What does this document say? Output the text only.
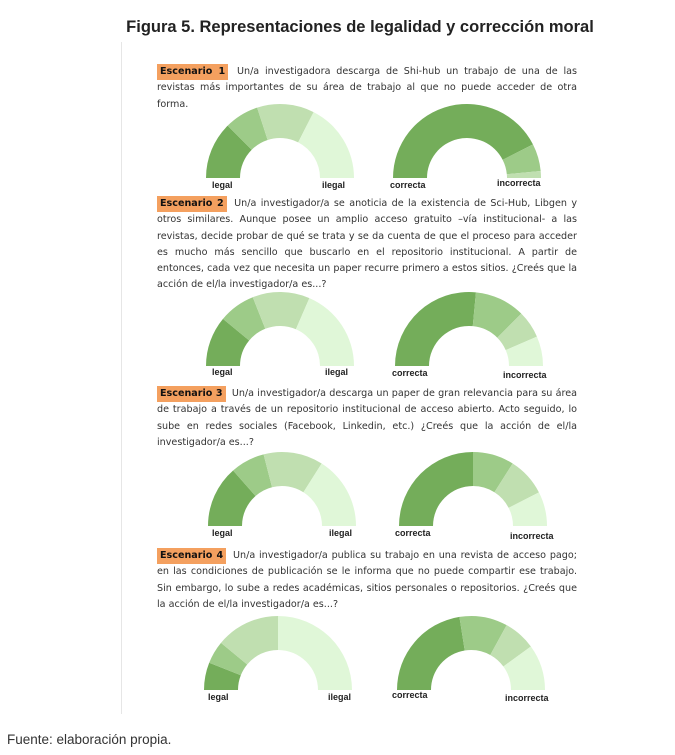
Figura 5. Representaciones de legalidad y corrección moral
Escenario 1 Un/a investigadora descarga de Shi-hub un trabajo de una de las revistas más importantes de su área de trabajo al que no puede acceder de otra forma.
legal	ilegal	correcta	incorrecta
Escenario 2 Un/a investigador/a se anoticia de la existencia de Sci-Hub, Libgen y otros similares. Aunque posee un amplio acceso gratuito –vía institucional- a las revistas, decide probar de qué se trata y se da cuenta de que el proceso para acceder es mucho más sencillo que buscarlo en el repositorio institucional. A partir de entonces, cada vez que necesita un paper recurre primero a estos sitios. ¿Creés que la acción de el/la investigador/a es...?
legal	ilegal	correcta	incorrecta
Escenario 3 Un/a investigador/a descarga un paper de gran relevancia para su área de trabajo a través de un repositorio institucional de acceso abierto. Acto seguido, lo sube en redes sociales (Facebook, Linkedin, etc.) ¿Creés que la acción de el/la investigador/a es...?
legal	ilegal	correcta	incorrecta
Escenario 4 Un/a investigador/a publica su trabajo en una revista de acceso pago; en las condiciones de publicación se le informa que no puede compartir ese trabajo. Sin embargo, lo sube a redes académicas, sitios personales o repositorios. ¿Creés que la acción de el/la investigador/a es...?
legal	ilegal	correcta	incorrecta
Fuente: elaboración propia.
